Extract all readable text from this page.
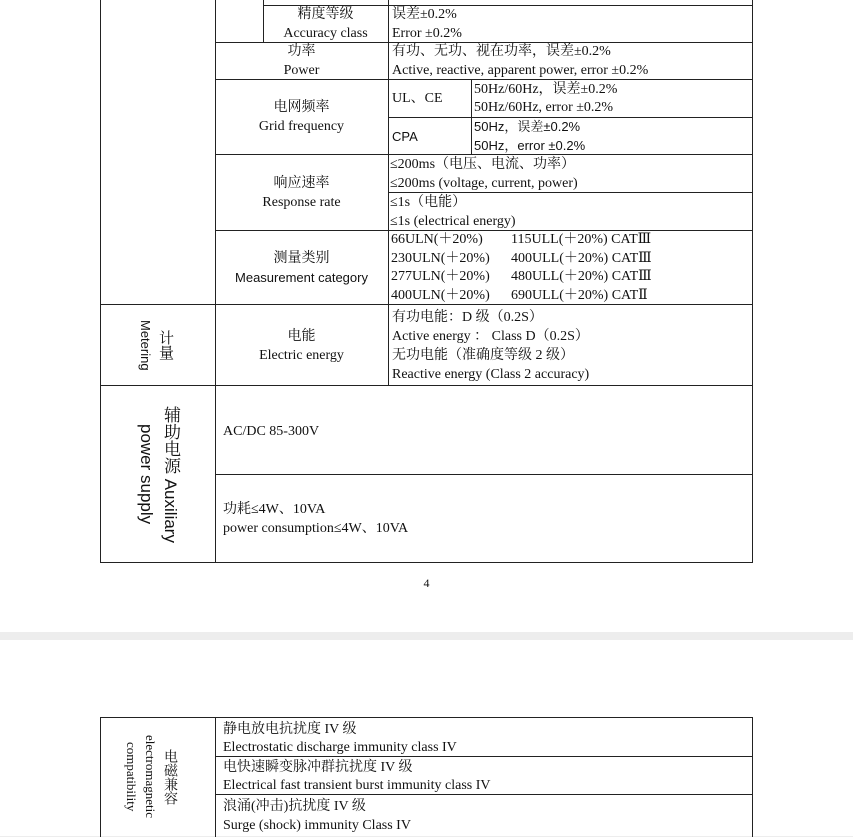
精度等级
Accuracy class
误差±0.2%
Error ±0.2%
功率
Power
有功、无功、视在功率，误差±0.2%
Active, reactive, apparent power, error ±0.2%
电网频率
Grid frequency
UL、CE
50Hz/60Hz，误差±0.2%
50Hz/60Hz, error ±0.2%
CPA
50Hz，误差±0.2%
50Hz，error ±0.2%
响应速率
Response rate
≤200ms（电压、电流、功率）
≤200ms (voltage, current, power)
≤1s（电能）
≤1s (electrical energy)
测量类别
Measurement category
66ULN(＋20%) 115ULL(＋20%) CATⅢ
230ULN(＋20%) 400ULL(＋20%) CATⅢ
277ULN(＋20%) 480ULL(＋20%) CATⅢ
400ULN(＋20%) 690ULL(＋20%) CATⅡ
计量
Metering	电能
Electric energy
有功电能：D 级（0.2S）
Active energy ： Class D（0.2S）
无功电能（准确度等级 2 级）
Reactive energy (Class 2 accuracy)
辅助电源 Auxiliary
power supply	AC/DC 85-300V
功耗≤4W、10VA
power consumption≤4W、10VA
4
电磁兼容
electromagnetic
compatibility
静电放电抗扰度 IV 级
Electrostatic discharge immunity class IV
电快速瞬变脉冲群抗扰度 IV 级
Electrical fast transient burst immunity class IV
浪涌(冲击)抗扰度 IV 级
Surge (shock) immunity Class IV
